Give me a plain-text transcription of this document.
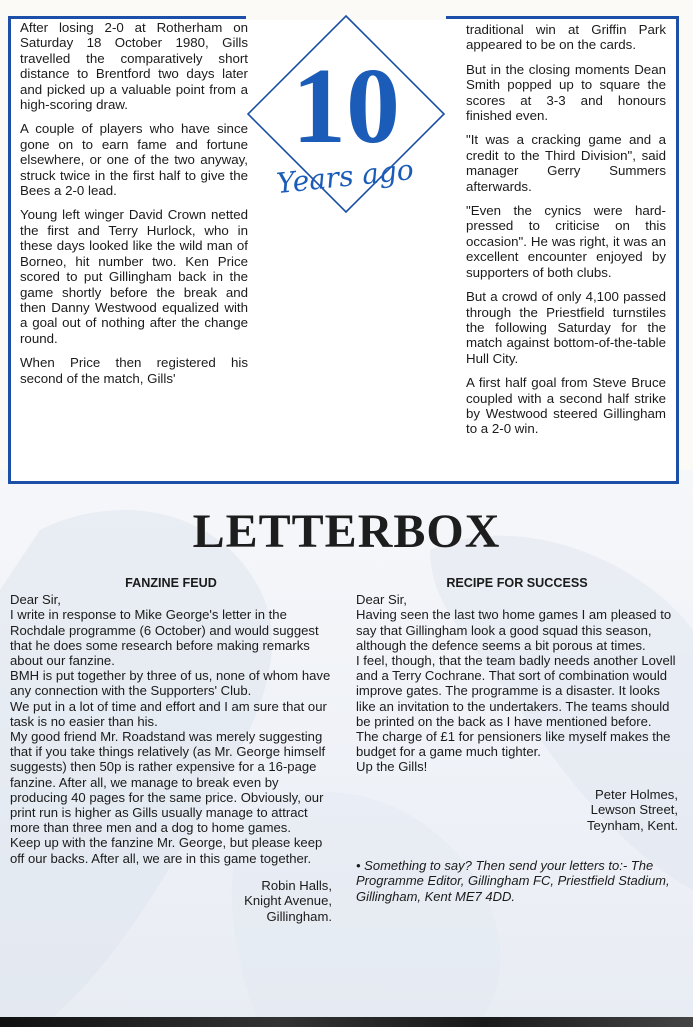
10
Years ago

After losing 2-0 at Rotherham on Saturday 18 October 1980, Gills travelled the comparatively short distance to Brentford two days later and picked up a valuable point from a high-scoring draw.

A couple of players who have since gone on to earn fame and fortune elsewhere, or one of the two anyway, struck twice in the first half to give the Bees a 2-0 lead.

Young left winger David Crown netted the first and Terry Hurlock, who in these days looked like the wild man of Borneo, hit number two. Ken Price scored to put Gillingham back in the game shortly before the break and then Danny Westwood equalized with a goal out of nothing after the change round.

When Price then registered his second of the match, Gills'

traditional win at Griffin Park appeared to be on the cards.

But in the closing moments Dean Smith popped up to square the scores at 3-3 and honours finished even.

"It was a cracking game and a credit to the Third Division", said manager Gerry Summers afterwards.

"Even the cynics were hard-pressed to criticise on this occasion". He was right, it was an excellent encounter enjoyed by supporters of both clubs.

But a crowd of only 4,100 passed through the Priestfield turnstiles the following Saturday for the match against bottom-of-the-table Hull City.

A first half goal from Steve Bruce coupled with a second half strike by Westwood steered Gillingham to a 2-0 win.

LETTERBOX
FANZINE FEUD

Dear Sir,

I write in response to Mike George's letter in the Rochdale programme (6 October) and would suggest that he does some research before making remarks about our fanzine.

BMH is put together by three of us, none of whom have any connection with the Supporters' Club.

We put in a lot of time and effort and I am sure that our task is no easier than his.

My good friend Mr. Roadstand was merely suggesting that if you take things relatively (as Mr. George himself suggests) then 50p is rather expensive for a 16-page fanzine. After all, we manage to break even by producing 40 pages for the same price. Obviously, our print run is higher as Gills usually manage to attract more than three men and a dog to home games.

Keep up with the fanzine Mr. George, but please keep off our backs. After all, we are in this game together.

Robin Halls,
Knight Avenue,
Gillingham.
RECIPE FOR SUCCESS

Dear Sir,

Having seen the last two home games I am pleased to say that Gillingham look a good squad this season, although the defence seems a bit porous at times.

I feel, though, that the team badly needs another Lovell and a Terry Cochrane. That sort of combination would improve gates. The programme is a disaster. It looks like an invitation to the undertakers. The teams should be printed on the back as I have mentioned before.

The charge of £1 for pensioners like myself makes the budget for a game much tighter.

Up the Gills!

Peter Holmes,
Lewson Street,
Teynham, Kent.
• Something to say? Then send your letters to:- The Programme Editor, Gillingham FC, Priestfield Stadium, Gillingham, Kent ME7 4DD.
